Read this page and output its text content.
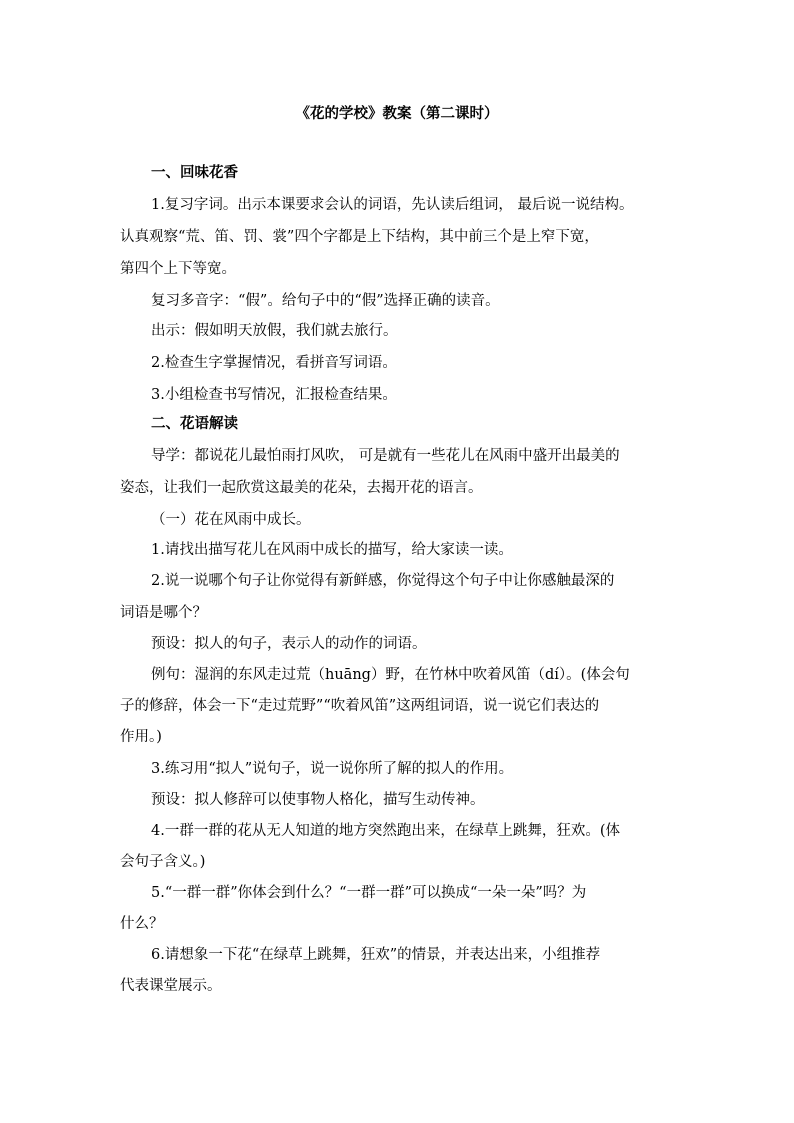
《花的学校》教案（第二课时）
一、回味花香
1.复习字词。出示本课要求会认的词语，先认读后组词， 最后说一说结构。
认真观察“荒、笛、罚、裳”四个字都是上下结构，其中前三个是上窄下宽，
第四个上下等宽。
复习多音字：“假”。给句子中的“假”选择正确的读音。
出示：假如明天放假，我们就去旅行。
2.检查生字掌握情况，看拼音写词语。
3.小组检查书写情况，汇报检查结果。
二、花语解读
导学：都说花儿最怕雨打风吹， 可是就有一些花儿在风雨中盛开出最美的
姿态，让我们一起欣赏这最美的花朵，去揭开花的语言。
（一）花在风雨中成长。
1.请找出描写花儿在风雨中成长的描写，给大家读一读。
2.说一说哪个句子让你觉得有新鲜感，你觉得这个句子中让你感触最深的
词语是哪个？
预设：拟人的句子，表示人的动作的词语。
例句：湿润的东风走过荒（huāng）野，在竹林中吹着风笛（dí）。(体会句
子的修辞，体会一下“走过荒野”“吹着风笛”这两组词语，说一说它们表达的
作用。)
3.练习用“拟人”说句子，说一说你所了解的拟人的作用。
预设：拟人修辞可以使事物人格化，描写生动传神。
4.一群一群的花从无人知道的地方突然跑出来，在绿草上跳舞，狂欢。(体
会句子含义。)
5.“一群一群”你体会到什么？“一群一群”可以换成“一朵一朵”吗？为
什么？
6.请想象一下花“在绿草上跳舞，狂欢”的情景，并表达出来，小组推荐
代表课堂展示。
